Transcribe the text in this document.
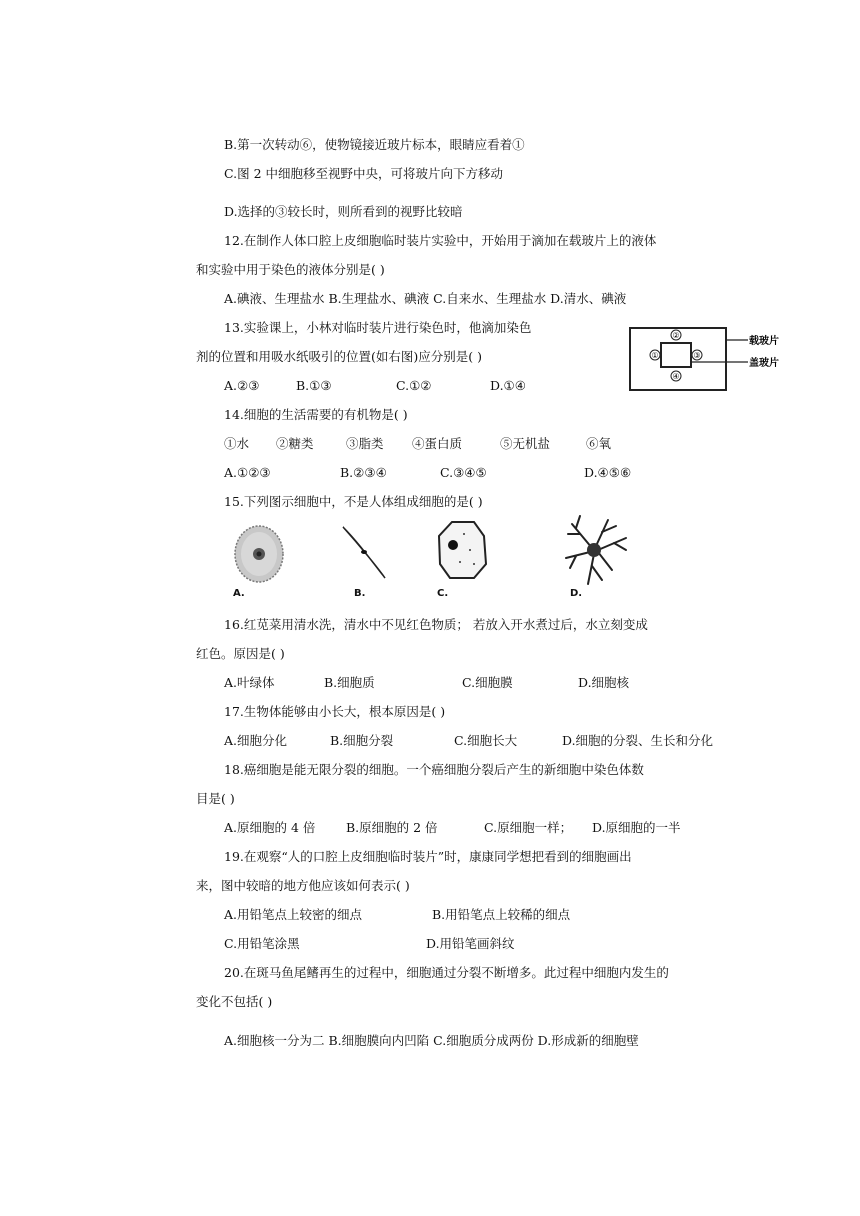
B.第一次转动⑥，使物镜接近玻片标本，眼睛应看着①
C.图 2 中细胞移至视野中央，可将玻片向下方移动
D.选择的③较长时，则所看到的视野比较暗
12.在制作人体口腔上皮细胞临时装片实验中，开始用于滴加在载玻片上的液体
和实验中用于染色的液体分别是( )
A.碘液、生理盐水 B.生理盐水、碘液 C.自来水、生理盐水 D.清水、碘液
13.实验课上，小林对临时装片进行染色时，他滴加染色
剂的位置和用吸水纸吸引的位置(如右图)应分别是( )
A.②③	B.①③	C.①②	D.①④
14.细胞的生活需要的有机物是( )
①水 ②糖类	③脂类 ④蛋白质	⑤无机盐	⑥氧
A.①②③	B.②③④	C.③④⑤	D.④⑤⑥
15.下列图示细胞中，不是人体组成细胞的是( )
16.红苋菜用清水洗，清水中不见红色物质； 若放入开水煮过后，水立刻变成
红色。原因是( )
A.叶绿体	B.细胞质	C.细胞膜	D.细胞核
17.生物体能够由小长大，根本原因是( )
A.细胞分化	B.细胞分裂	C.细胞长大	D.细胞的分裂、生长和分化
18.癌细胞是能无限分裂的细胞。一个癌细胞分裂后产生的新细胞中染色体数
目是( )
A.原细胞的 4 倍 B.原细胞的 2 倍	C.原细胞一样； D.原细胞的一半
19.在观察“人的口腔上皮细胞临时装片”时，康康同学想把看到的细胞画出
来，图中较暗的地方他应该如何表示( )
A.用铅笔点上较密的细点	B.用铅笔点上较稀的细点
C.用铅笔涂黑	D.用铅笔画斜纹
20.在斑马鱼尾鳍再生的过程中，细胞通过分裂不断增多。此过程中细胞内发生的
变化不包括( )
A.细胞核一分为二 B.细胞膜向内凹陷 C.细胞质分成两份 D.形成新的细胞壁
②
①	③
④
载玻片
盖玻片
A.	B.	C.	D.
